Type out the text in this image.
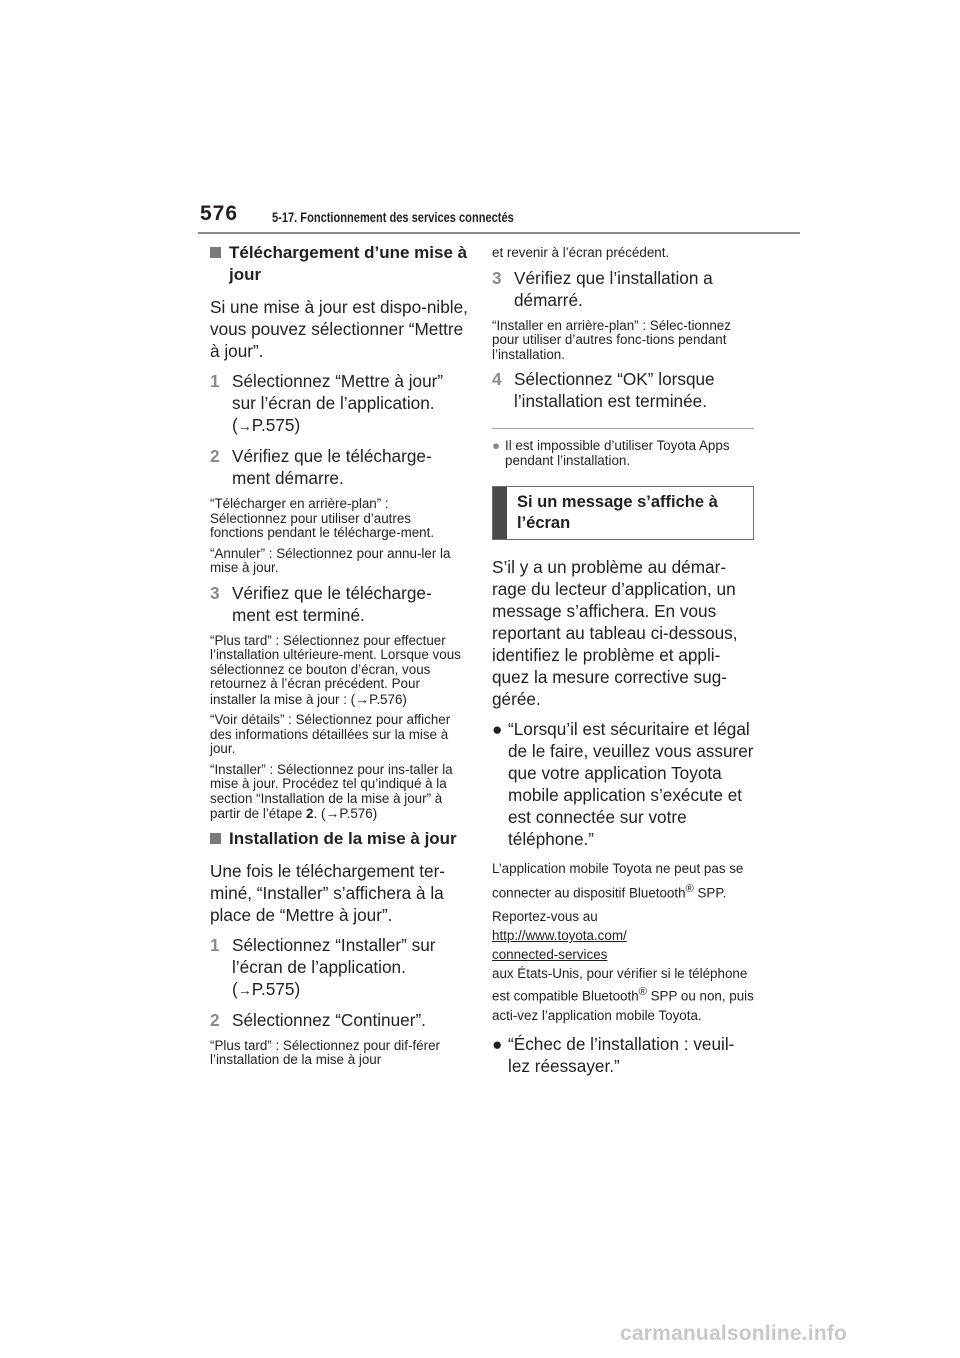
576	5-17. Fonctionnement des services connectés
Téléchargement d’une mise à jour
Si une mise à jour est dispo-nible, vous pouvez sélectionner “Mettre à jour”.
1 Sélectionnez “Mettre à jour” sur l’écran de l’application.
(→P.575)
2 Vérifiez que le télécharge-ment démarre.
“Télécharger en arrière-plan” : Sélectionnez pour utiliser d’autres fonctions pendant le télécharge-ment.
“Annuler” : Sélectionnez pour annu-ler la mise à jour.
3 Vérifiez que le télécharge-ment est terminé.
“Plus tard” : Sélectionnez pour effectuer l’installation ultérieure-ment. Lorsque vous sélectionnez ce bouton d’écran, vous retournez à l’écran précédent. Pour installer la mise à jour : (→P.576)
“Voir détails” : Sélectionnez pour afficher des informations détaillées sur la mise à jour.
“Installer” : Sélectionnez pour ins-taller la mise à jour. Procédez tel qu’indiqué à la section “Installation de la mise à jour” à partir de l’étape 2. (→P.576)
Installation de la mise à jour
Une fois le téléchargement ter-miné, “Installer” s’affichera à la place de “Mettre à jour”.
1 Sélectionnez “Installer” sur l’écran de l’application.
(→P.575)
2 Sélectionnez “Continuer”.
“Plus tard” : Sélectionnez pour dif-férer l’installation de la mise à jour
et revenir à l’écran précédent.
3 Vérifiez que l’installation a démarré.
“Installer en arrière-plan” : Sélec-tionnez pour utiliser d’autres fonc-tions pendant l’installation.
4 Sélectionnez “OK” lorsque l’installation est terminée.
● Il est impossible d’utiliser Toyota Apps pendant l’installation.
Si un message s’affiche à l’écran
S’il y a un problème au démar-rage du lecteur d’application, un message s’affichera. En vous reportant au tableau ci-dessous, identifiez le problème et appli-quez la mesure corrective sug-gérée.
● “Lorsqu’il est sécuritaire et légal de le faire, veuillez vous assurer que votre application Toyota mobile application s’exécute et est connectée sur votre téléphone.”
L’application mobile Toyota ne peut pas se connecter au dispositif Bluetooth® SPP.
Reportez-vous au
http://www.toyota.com/
connected-services
aux États-Unis, pour vérifier si le téléphone est compatible Bluetooth® SPP ou non, puis acti-vez l’application mobile Toyota.
● “Échec de l’installation : veuil-lez réessayer.”
carmanualsonline.info
